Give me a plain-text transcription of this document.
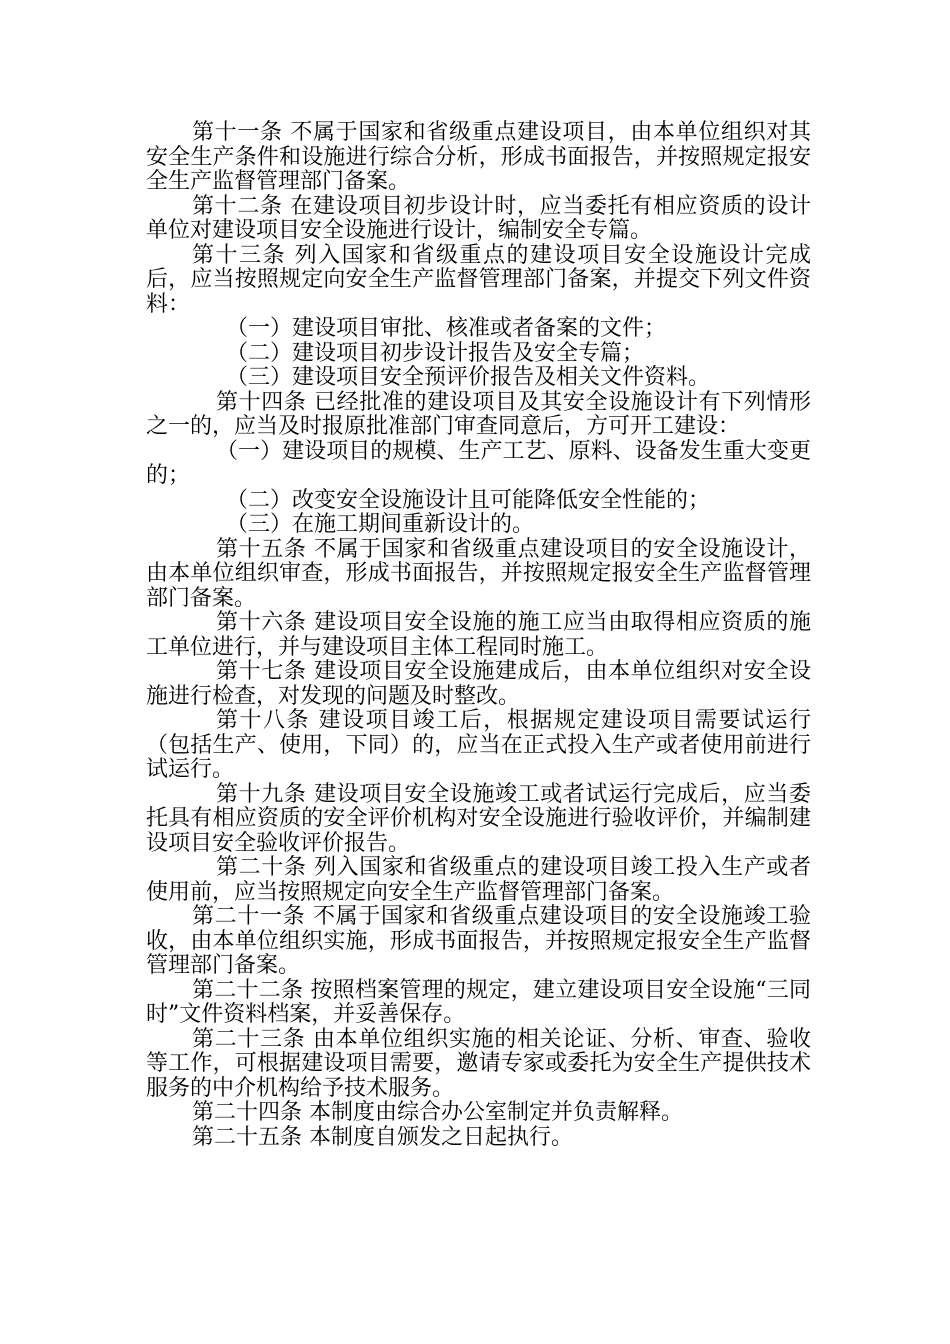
第十一条 不属于国家和省级重点建设项目，由本单位组织对其安全生产条件和设施进行综合分析，形成书面报告，并按照规定报安全生产监督管理部门备案。

第十二条 在建设项目初步设计时，应当委托有相应资质的设计单位对建设项目安全设施进行设计，编制安全专篇。

第十三条 列入国家和省级重点的建设项目安全设施设计完成后，应当按照规定向安全生产监督管理部门备案，并提交下列文件资料：

（一）建设项目审批、核准或者备案的文件；

（二）建设项目初步设计报告及安全专篇；

（三）建设项目安全预评价报告及相关文件资料。

第十四条 已经批准的建设项目及其安全设施设计有下列情形之一的，应当及时报原批准部门审查同意后，方可开工建设：

（一）建设项目的规模、生产工艺、原料、设备发生重大变更的；

（二）改变安全设施设计且可能降低安全性能的；

（三）在施工期间重新设计的。

第十五条 不属于国家和省级重点建设项目的安全设施设计，由本单位组织审查，形成书面报告，并按照规定报安全生产监督管理部门备案。

第十六条 建设项目安全设施的施工应当由取得相应资质的施工单位进行，并与建设项目主体工程同时施工。

第十七条 建设项目安全设施建成后，由本单位组织对安全设施进行检查，对发现的问题及时整改。

第十八条 建设项目竣工后，根据规定建设项目需要试运行（包括生产、使用，下同）的，应当在正式投入生产或者使用前进行试运行。

第十九条 建设项目安全设施竣工或者试运行完成后，应当委托具有相应资质的安全评价机构对安全设施进行验收评价，并编制建设项目安全验收评价报告。

第二十条 列入国家和省级重点的建设项目竣工投入生产或者使用前，应当按照规定向安全生产监督管理部门备案。

第二十一条 不属于国家和省级重点建设项目的安全设施竣工验收，由本单位组织实施，形成书面报告，并按照规定报安全生产监督管理部门备案。

第二十二条 按照档案管理的规定，建立建设项目安全设施“三同时”文件资料档案，并妥善保存。

第二十三条 由本单位组织实施的相关论证、分析、审查、验收等工作，可根据建设项目需要，邀请专家或委托为安全生产提供技术服务的中介机构给予技术服务。

第二十四条 本制度由综合办公室制定并负责解释。

第二十五条 本制度自颁发之日起执行。
